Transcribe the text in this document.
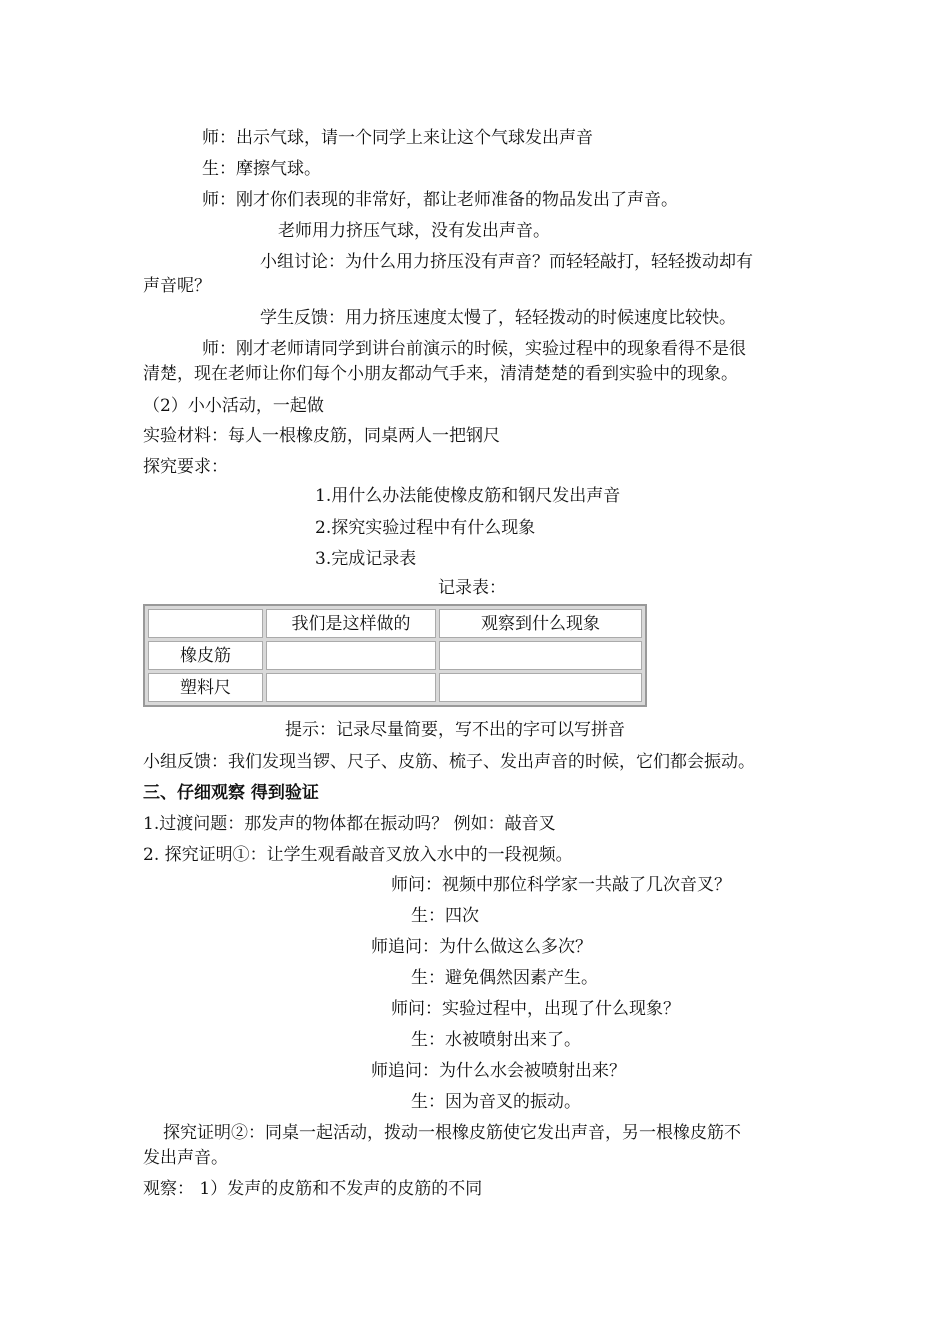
师：出示气球，请一个同学上来让这个气球发出声音
生：摩擦气球。
师：刚才你们表现的非常好，都让老师准备的物品发出了声音。
老师用力挤压气球，没有发出声音。
小组讨论：为什么用力挤压没有声音？而轻轻敲打，轻轻拨动却有
声音呢？
学生反馈：用力挤压速度太慢了，轻轻拨动的时候速度比较快。
师：刚才老师请同学到讲台前演示的时候，实验过程中的现象看得不是很
清楚，现在老师让你们每个小朋友都动气手来，清清楚楚的看到实验中的现象。
（2）小小活动，一起做
实验材料：每人一根橡皮筋，同桌两人一把钢尺
探究要求：
1.用什么办法能使橡皮筋和钢尺发出声音
2.探究实验过程中有什么现象
3.完成记录表
记录表：
	我们是这样做的	观察到什么现象
橡皮筋		
塑料尺		
提示：记录尽量简要，写不出的字可以写拼音
小组反馈：我们发现当锣、尺子、皮筋、梳子、发出声音的时候，它们都会振动。
三、仔细观察 得到验证
1.过渡问题：那发声的物体都在振动吗？ 例如：敲音叉
2. 探究证明①：让学生观看敲音叉放入水中的一段视频。
师问：视频中那位科学家一共敲了几次音叉？
生：四次
师追问：为什么做这么多次？
生：避免偶然因素产生。
师问：实验过程中，出现了什么现象？
生：水被喷射出来了。
师追问：为什么水会被喷射出来？
生：因为音叉的振动。
探究证明②：同桌一起活动，拨动一根橡皮筋使它发出声音，另一根橡皮筋不
发出声音。
观察： 1）发声的皮筋和不发声的皮筋的不同
